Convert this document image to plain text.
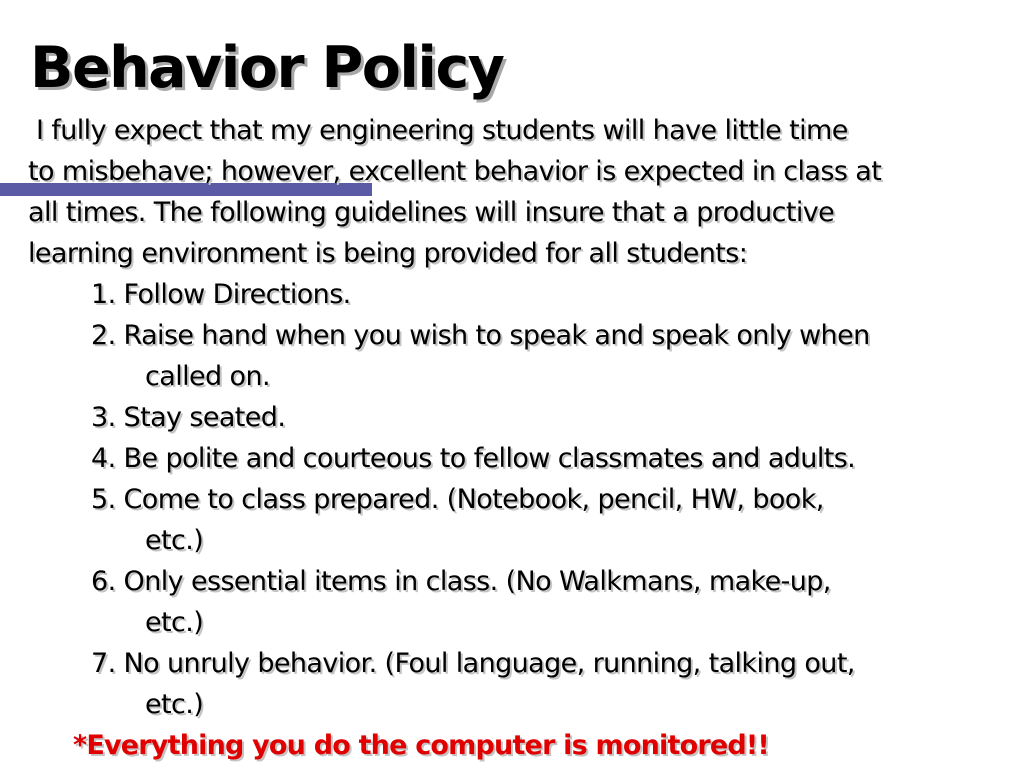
Behavior Policy
I fully expect that my engineering students will have little time
to misbehave; however, excellent behavior is expected in class at
all times. The following guidelines will insure that a productive
learning environment is being provided for all students:
1. Follow Directions.
2. Raise hand when you wish to speak and speak only when
called on.
3. Stay seated.
4. Be polite and courteous to fellow classmates and adults.
5. Come to class prepared. (Notebook, pencil, HW, book,
etc.)
6. Only essential items in class. (No Walkmans, make-up,
etc.)
7. No unruly behavior. (Foul language, running, talking out,
etc.)
*Everything you do the computer is monitored!!
